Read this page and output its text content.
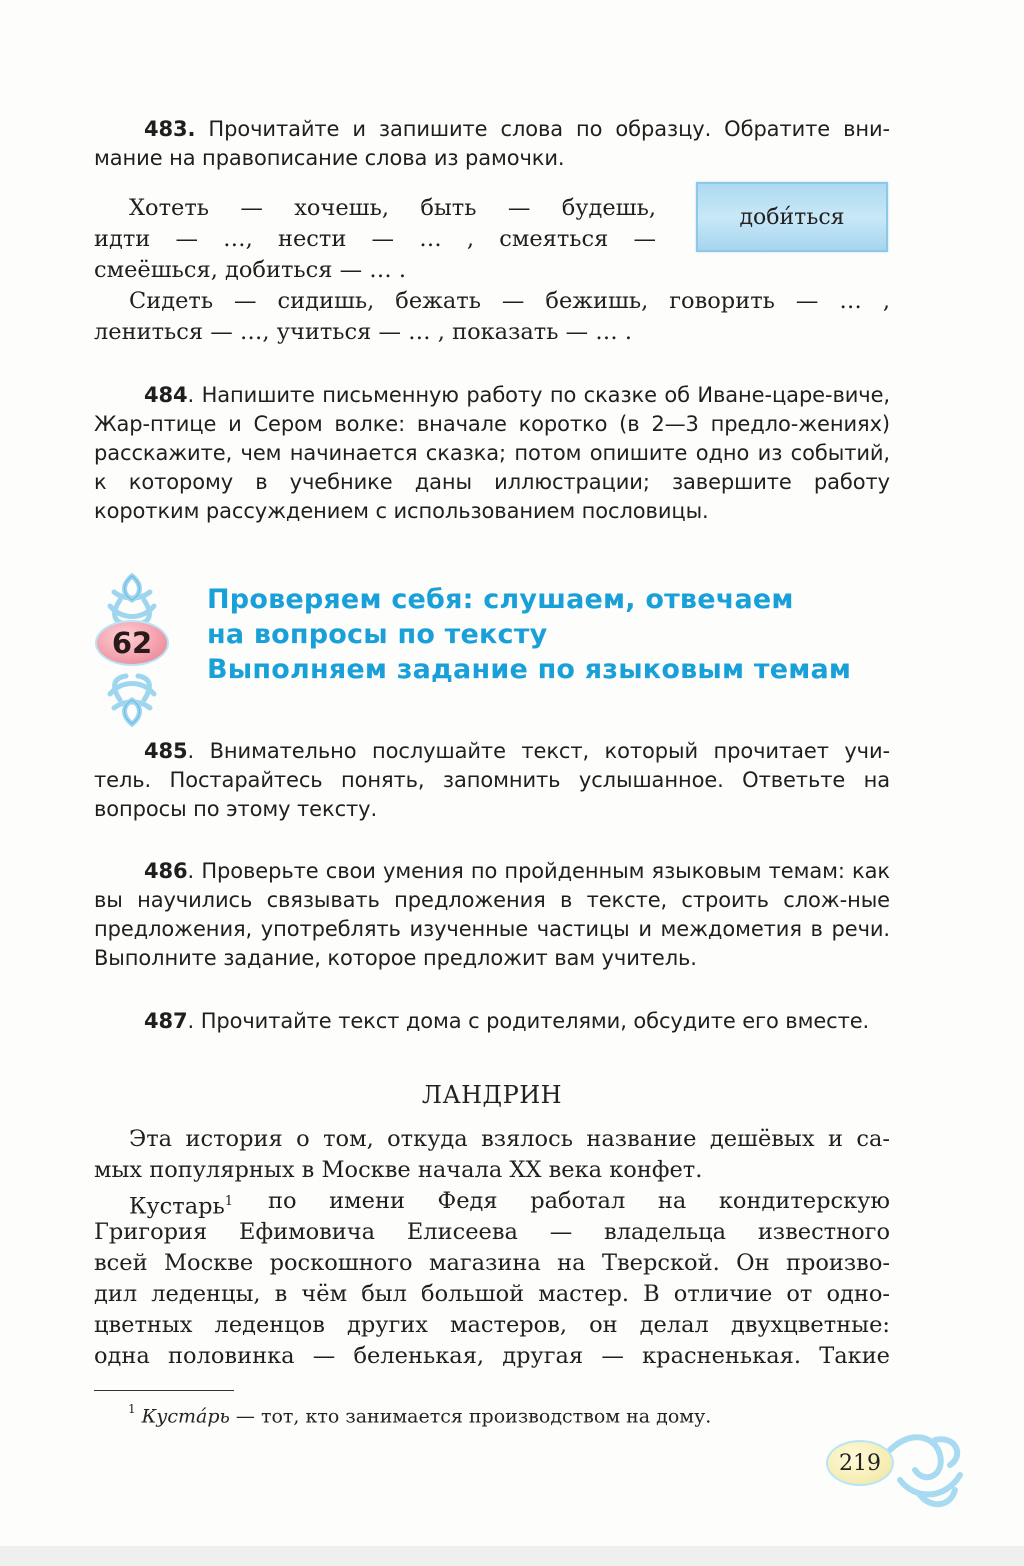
483. Прочитайте и запишите слова по образцу. Обратите вни-мание на правописание слова из рамочки.
Хотеть — хочешь, быть — будешь,
идти — …, нести — … , смеяться —
смеёшься, добиться — … .
Сидеть — сидишь, бежать — бежишь, говорить — … ,
лениться — …, учиться — … , показать — … .
доби́ться
484. Напишите письменную работу по сказке об Иване-царе-виче, Жар-птице и Сером волке: вначале коротко (в 2—3 предло-жениях) расскажите, чем начинается сказка; потом опишите одно из событий, к которому в учебнике даны иллюстрации; завершите работу коротким рассуждением с использованием пословицы.
62
Проверяем себя: слушаем, отвечаем
на вопросы по тексту
Выполняем задание по языковым темам
485. Внимательно послушайте текст, который прочитает учи-тель. Постарайтесь понять, запомнить услышанное. Ответьте на вопросы по этому тексту.
486. Проверьте свои умения по пройденным языковым темам: как вы научились связывать предложения в тексте, строить слож-ные предложения, употреблять изученные частицы и междометия в речи. Выполните задание, которое предложит вам учитель.
487. Прочитайте текст дома с родителями, обсудите его вместе.
ЛАНДРИН
Эта история о том, откуда взялось название дешёвых и са-
мых популярных в Москве начала XX века конфет.
Кустарь$^1$ по имени Федя работал на кондитерскую
Григория Ефимовича Елисеева — владельца известного
всей Москве роскошного магазина на Тверской. Он произво-
дил леденцы, в чём был большой мастер. В отличие от одно-
цветных леденцов других мастеров, он делал двухцветные:
одна половинка — беленькая, другая — красненькая. Такие
$^1$ Куста́рь — тот, кто занимается производством на дому.
219
